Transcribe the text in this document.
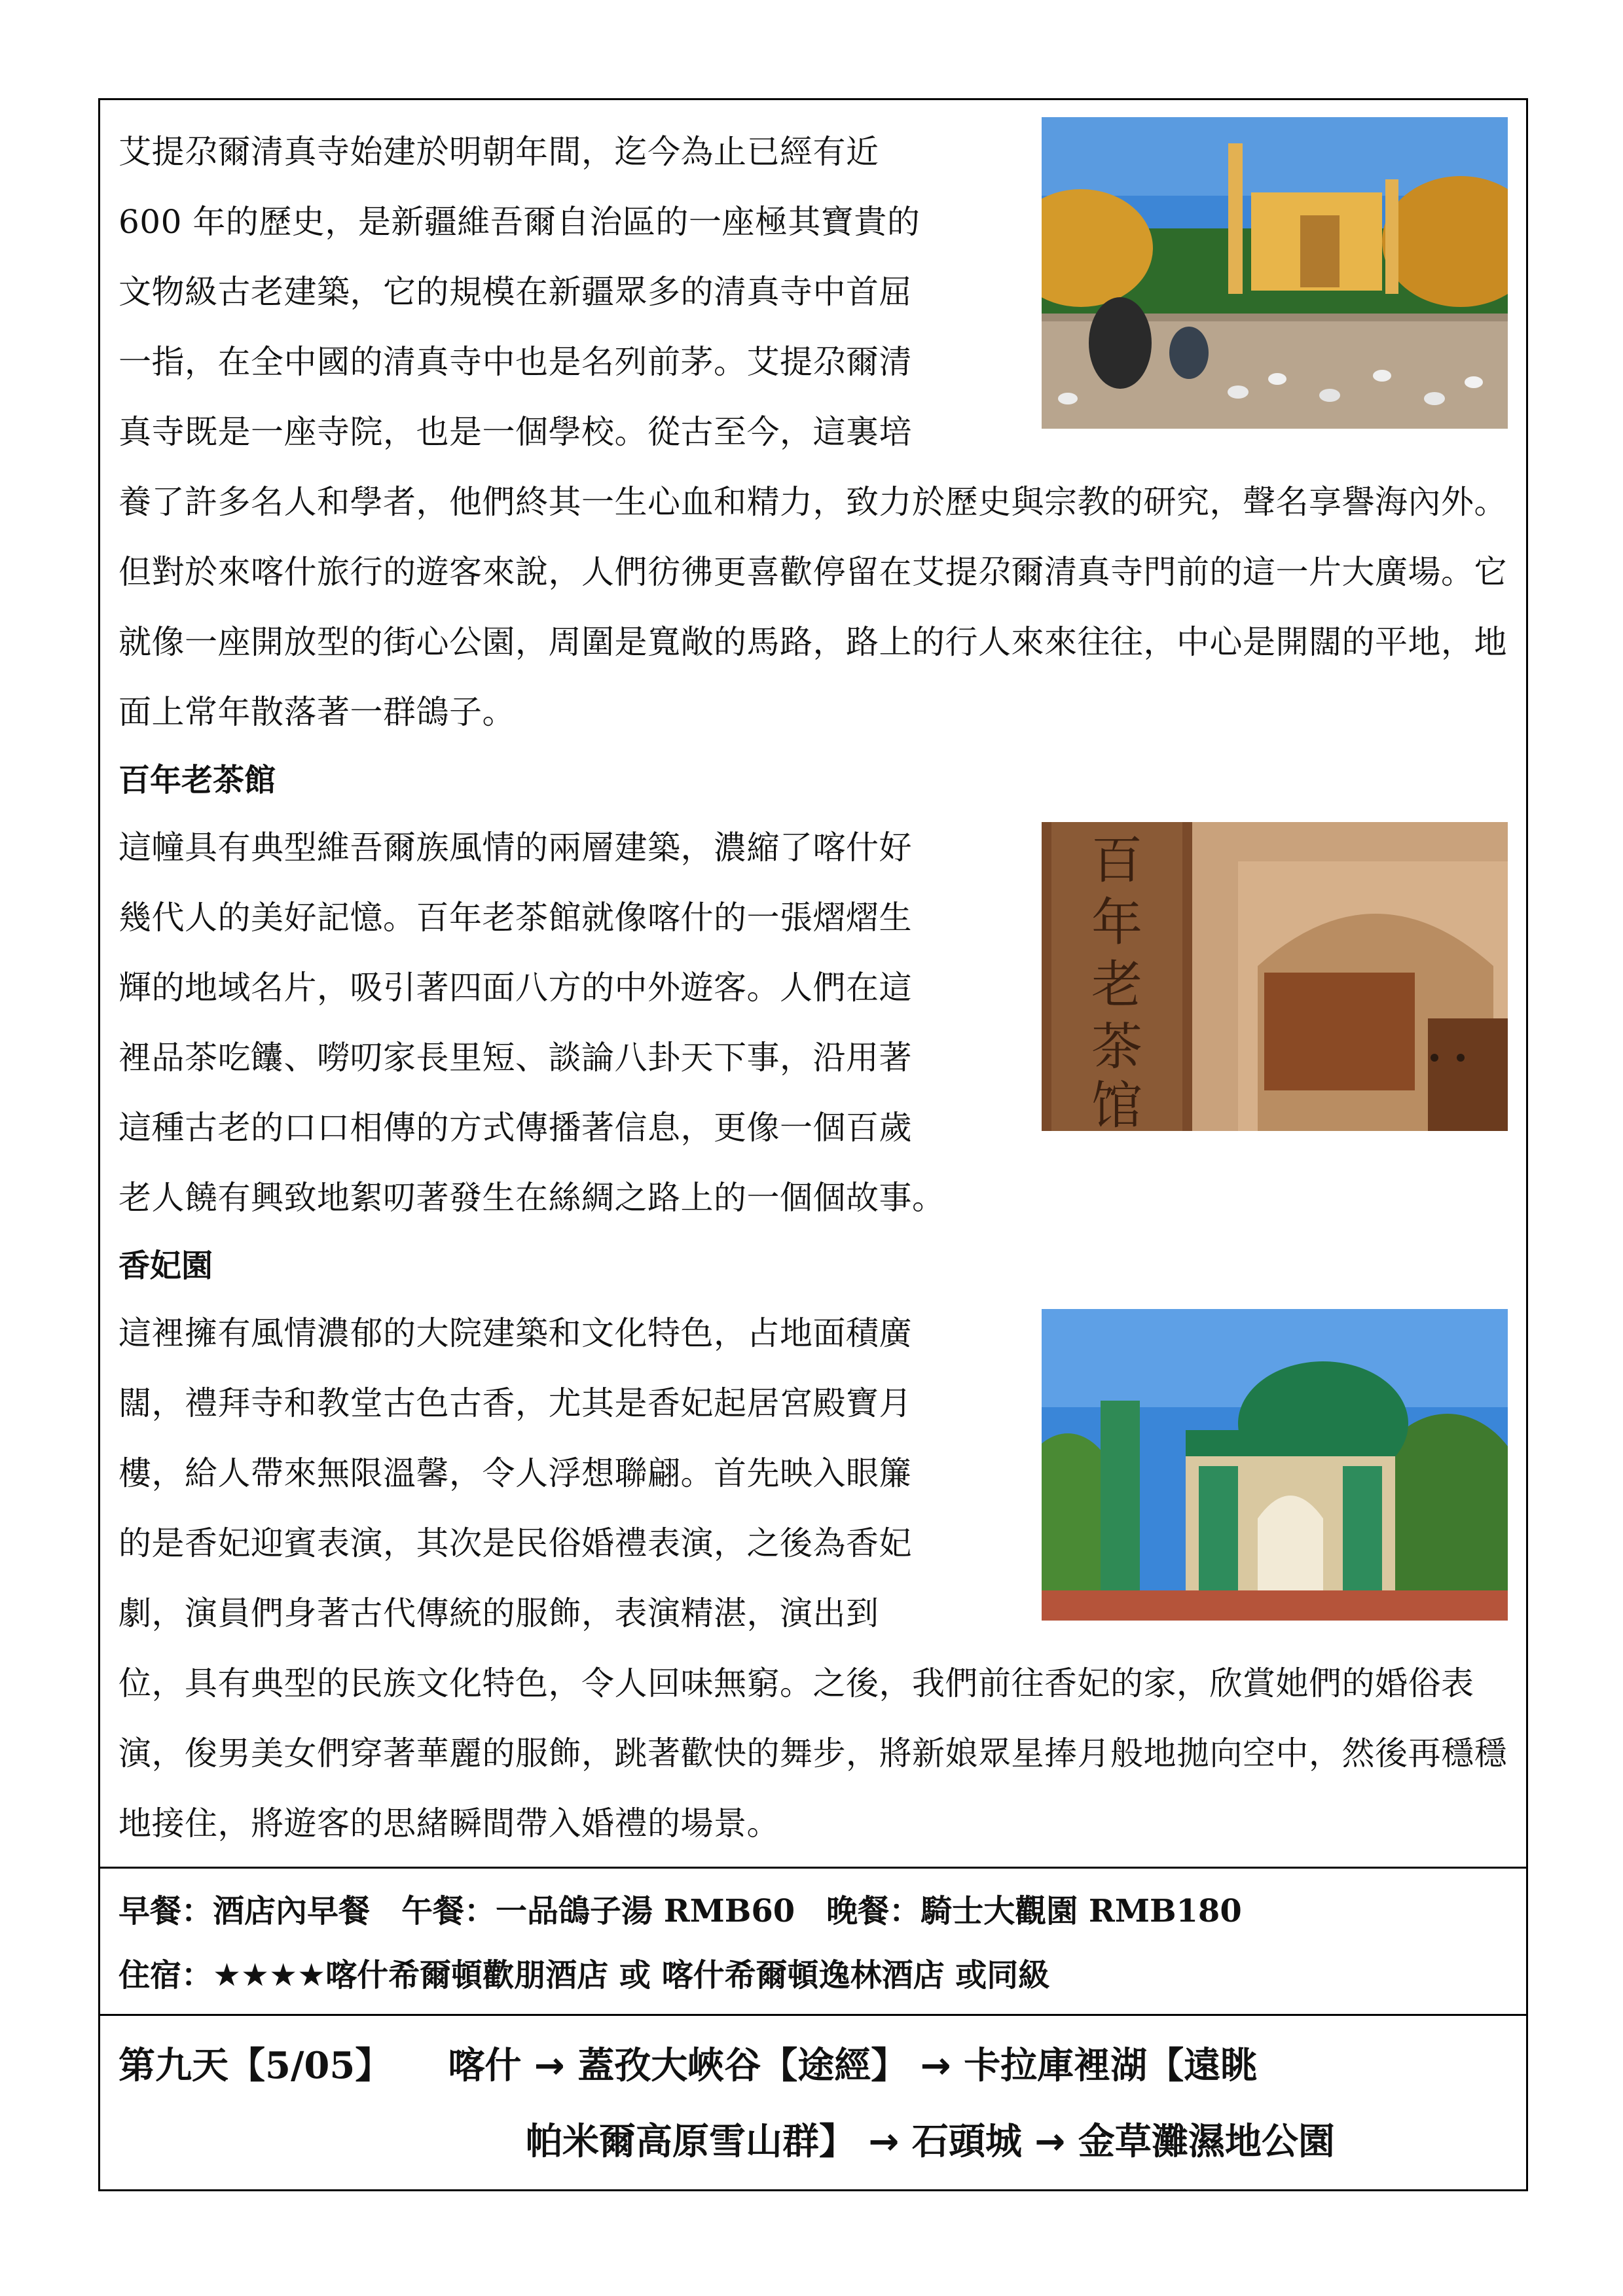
艾提尕爾清真寺始建於明朝年間，迄今為止已經有近
600 年的歷史，是新疆維吾爾自治區的一座極其寶貴的
文物級古老建築，它的規模在新疆眾多的清真寺中首屈
一指，在全中國的清真寺中也是名列前茅。艾提尕爾清
真寺既是一座寺院，也是一個學校。從古至今，這裏培
養了許多名人和學者，他們終其一生心血和精力，致力於歷史與宗教的研究，聲名享譽海內外。但對於來喀什旅行的遊客來說，人們彷彿更喜歡停留在艾提尕爾清真寺門前的這一片大廣場。它就像一座開放型的街心公園，周圍是寬敞的馬路，路上的行人來來往往，中心是開闊的平地，地面上常年散落著一群鴿子。

百年老茶館
百
年
老
茶
馆

這幢具有典型維吾爾族風情的兩層建築，濃縮了喀什好
幾代人的美好記憶。百年老茶館就像喀什的一張熠熠生
輝的地域名片，吸引著四面八方的中外遊客。人們在這
裡品茶吃饢、嘮叨家長里短、談論八卦天下事，沿用著
這種古老的口口相傳的方式傳播著信息，更像一個百歲
老人饒有興致地絮叨著發生在絲綢之路上的一個個故事。

香妃園

這裡擁有風情濃郁的大院建築和文化特色，占地面積廣
闊，禮拜寺和教堂古色古香，尤其是香妃起居宮殿寶月
樓，給人帶來無限溫馨，令人浮想聯翩。首先映入眼簾
的是香妃迎賓表演，其次是民俗婚禮表演，之後為香妃
劇，演員們身著古代傳統的服飾，表演精湛，演出到
位，具有典型的民族文化特色，令人回味無窮。之後，我們前往香妃的家，欣賞她們的婚俗表演，俊男美女們穿著華麗的服飾，跳著歡快的舞步，將新娘眾星捧月般地拋向空中，然後再穩穩地接住，將遊客的思緒瞬間帶入婚禮的場景。

早餐：酒店內早餐 午餐：一品鴿子湯 RMB60 晚餐：騎士大觀園 RMB180

住宿：★★★★喀什希爾頓歡朋酒店 或 喀什希爾頓逸林酒店 或同級

第九天【5/05】 喀什 → 蓋孜大峽谷【途經】 → 卡拉庫裡湖【遠眺

帕米爾高原雪山群】 → 石頭城 → 金草灘濕地公園
